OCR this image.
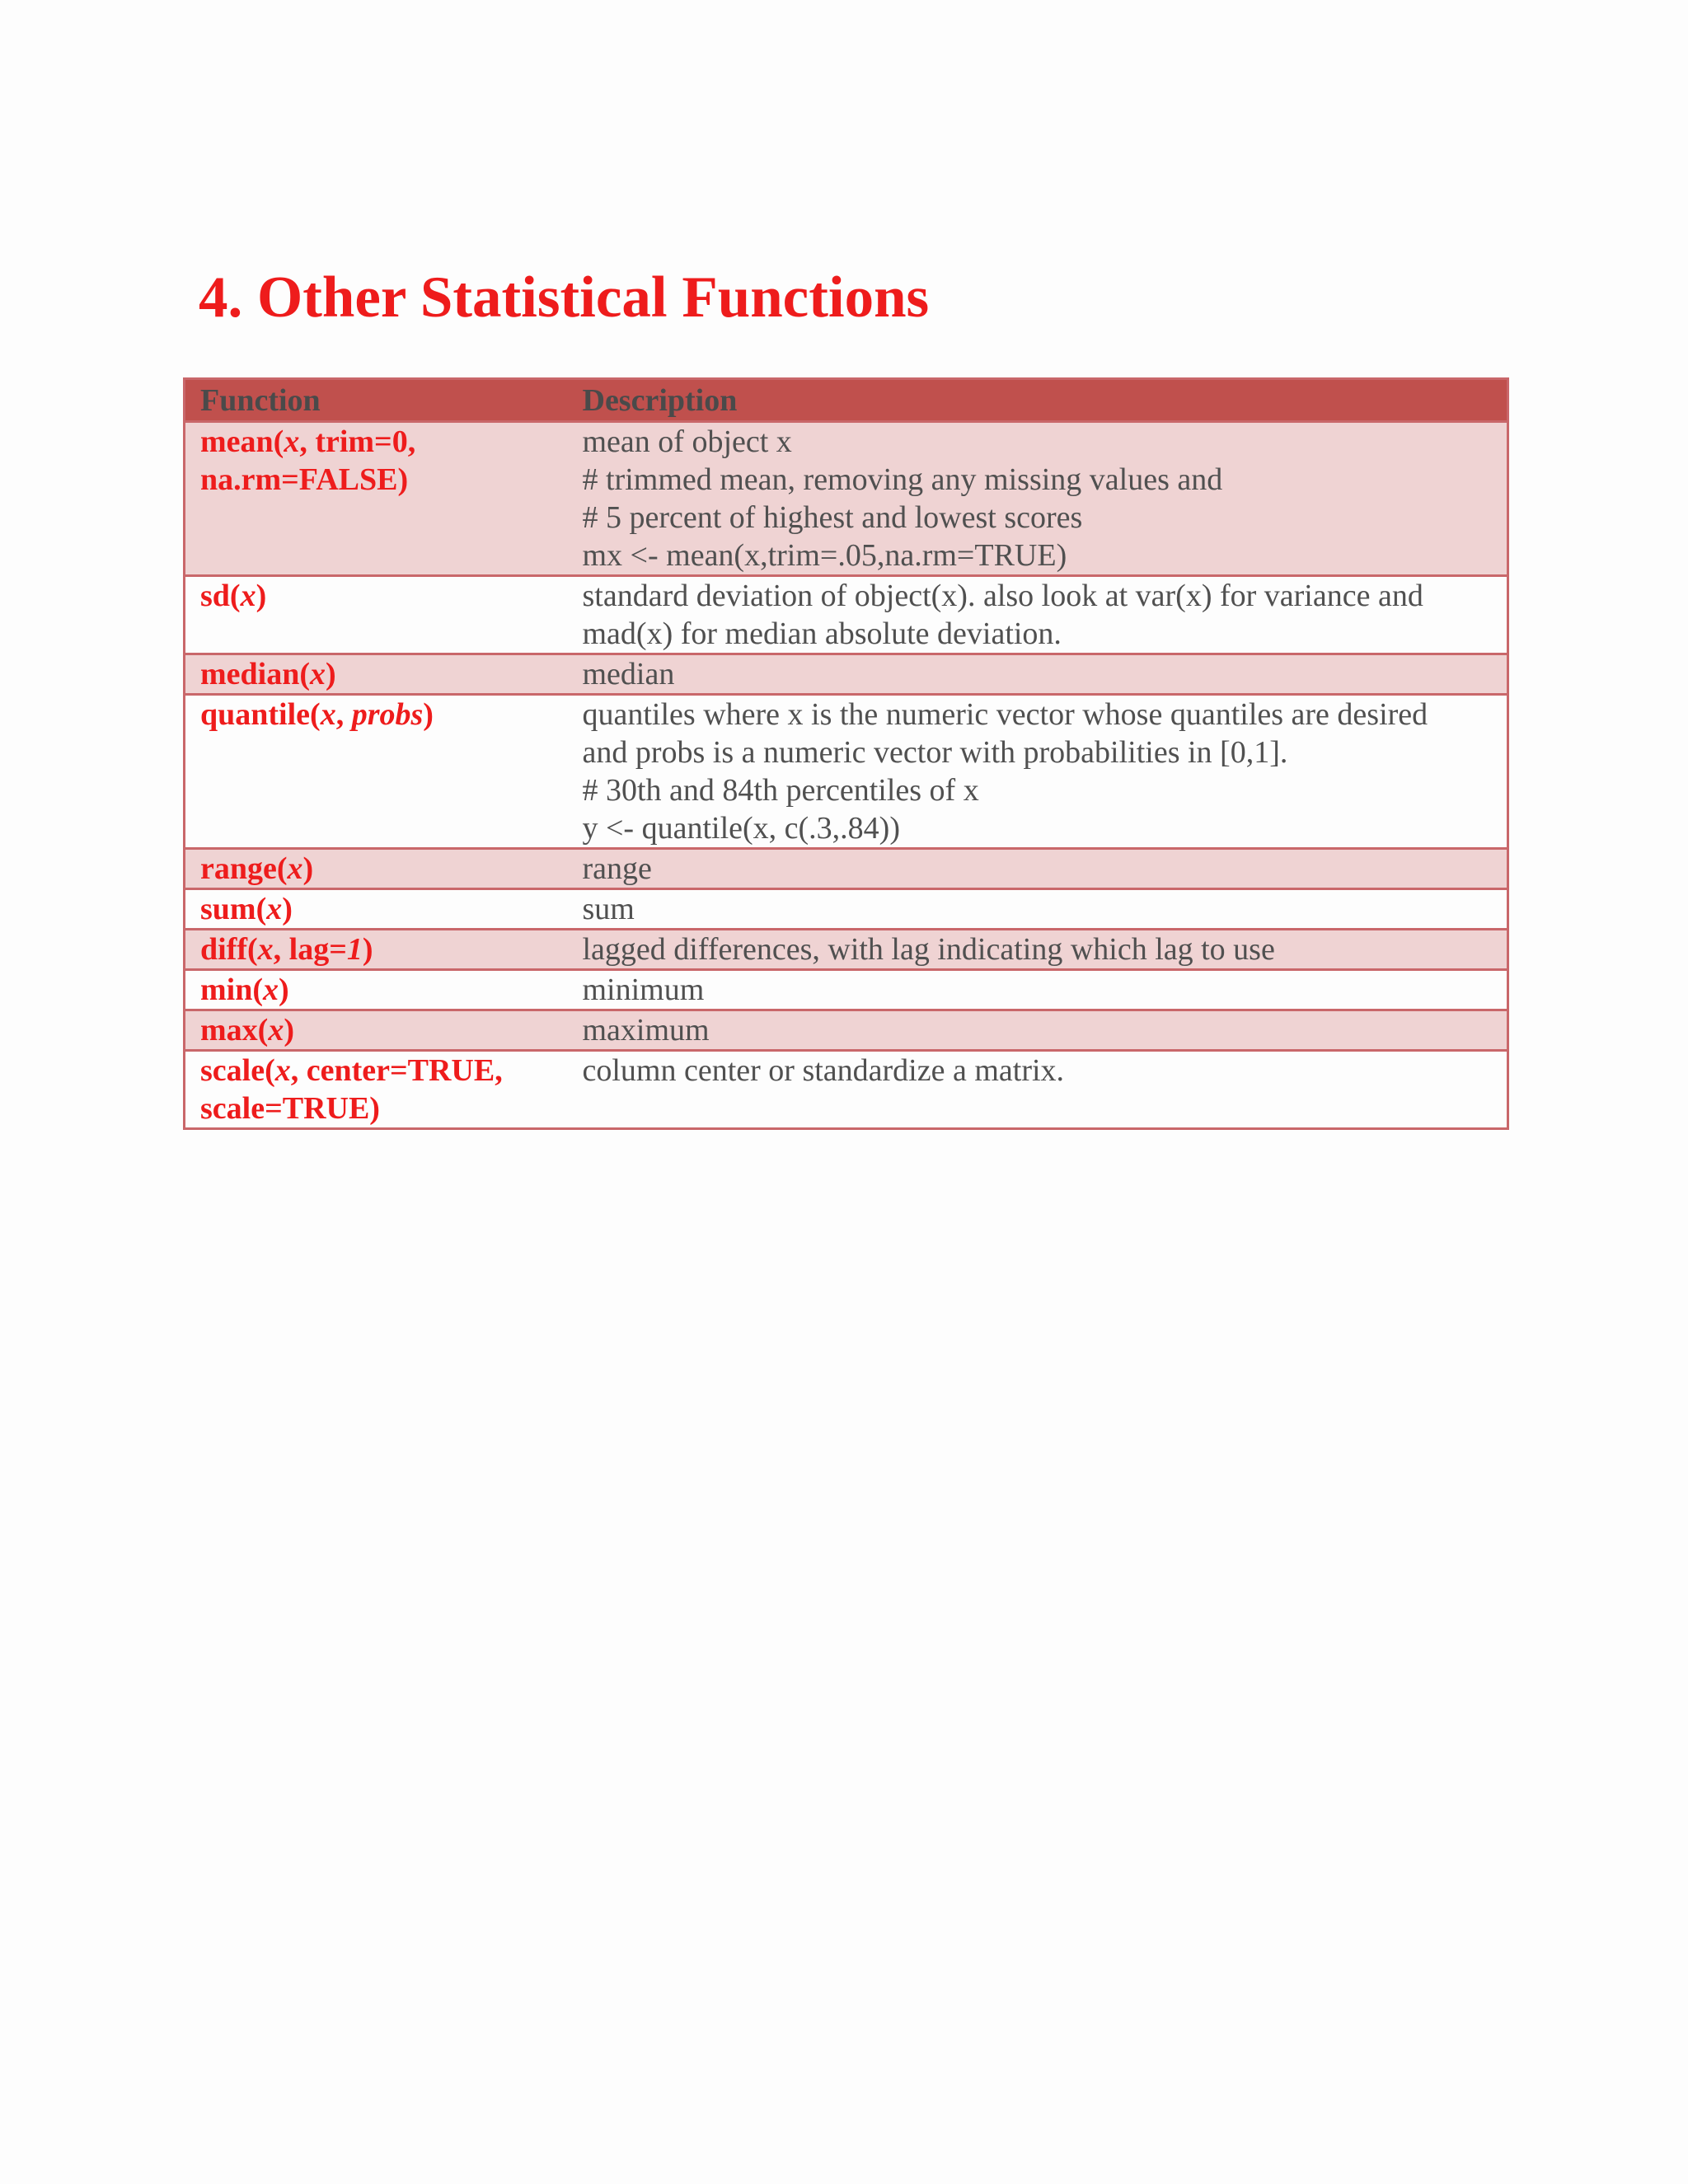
4. Other Statistical Functions
Function	Description

mean(x, trim=0,
na.rm=FALSE)	mean of object x
# trimmed mean, removing any missing values and
# 5 percent of highest and lowest scores
mx <- mean(x,trim=.05,na.rm=TRUE)

sd(x)	standard deviation of object(x). also look at var(x) for variance and
mad(x) for median absolute deviation.

median(x)	median

quantile(x, probs)	quantiles where x is the numeric vector whose quantiles are desired
and probs is a numeric vector with probabilities in [0,1].
# 30th and 84th percentiles of x
y <- quantile(x, c(.3,.84))

range(x)	range

sum(x)	sum

diff(x, lag=1)	lagged differences, with lag indicating which lag to use

min(x)	minimum

max(x)	maximum

scale(x, center=TRUE,
scale=TRUE)	column center or standardize a matrix.
